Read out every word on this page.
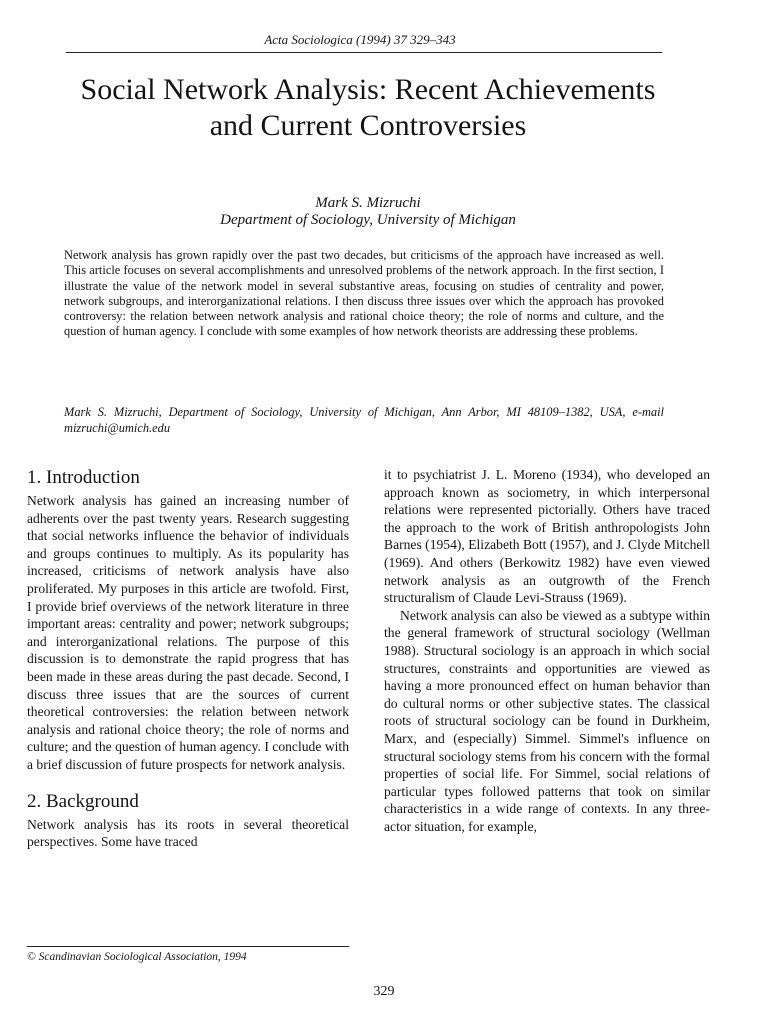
Acta Sociologica (1994) 37 329–343
Social Network Analysis: Recent Achievements and Current Controversies
Mark S. Mizruchi
Department of Sociology, University of Michigan

Network analysis has grown rapidly over the past two decades, but criticisms of the approach have increased as well. This article focuses on several accomplishments and unresolved problems of the network approach. In the first section, I illustrate the value of the network model in several substantive areas, focusing on studies of centrality and power, network subgroups, and interorganizational relations. I then discuss three issues over which the approach has provoked controversy: the relation between network analysis and rational choice theory; the role of norms and culture, and the question of human agency. I conclude with some examples of how network theorists are addressing these problems.

Mark S. Mizruchi, Department of Sociology, University of Michigan, Ann Arbor, MI 48109–1382, USA, e-mail mizruchi@umich.edu

1. Introduction

Network analysis has gained an increasing number of adherents over the past twenty years. Research suggesting that social networks influence the behavior of individuals and groups continues to multiply. As its popularity has increased, criticisms of network analysis have also proliferated. My purposes in this article are twofold. First, I provide brief overviews of the network literature in three important areas: centrality and power; network subgroups; and interorganizational relations. The purpose of this discussion is to demonstrate the rapid progress that has been made in these areas during the past decade. Second, I discuss three issues that are the sources of current theoretical controversies: the relation between network analysis and rational choice theory; the role of norms and culture; and the question of human agency. I conclude with a brief discussion of future prospects for network analysis.

2. Background

Network analysis has its roots in several theoretical perspectives. Some have traced

it to psychiatrist J. L. Moreno (1934), who developed an approach known as sociometry, in which interpersonal relations were represented pictorially. Others have traced the approach to the work of British anthropologists John Barnes (1954), Elizabeth Bott (1957), and J. Clyde Mitchell (1969). And others (Berkowitz 1982) have even viewed network analysis as an outgrowth of the French structuralism of Claude Levi-Strauss (1969).

Network analysis can also be viewed as a subtype within the general framework of structural sociology (Wellman 1988). Structural sociology is an approach in which social structures, constraints and opportunities are viewed as having a more pronounced effect on human behavior than do cultural norms or other subjective states. The classical roots of structural sociology can be found in Durkheim, Marx, and (especially) Simmel. Simmel's influence on structural sociology stems from his concern with the formal properties of social life. For Simmel, social relations of particular types followed patterns that took on similar characteristics in a wide range of contexts. In any three-actor situation, for example,

© Scandinavian Sociological Association, 1994
329
